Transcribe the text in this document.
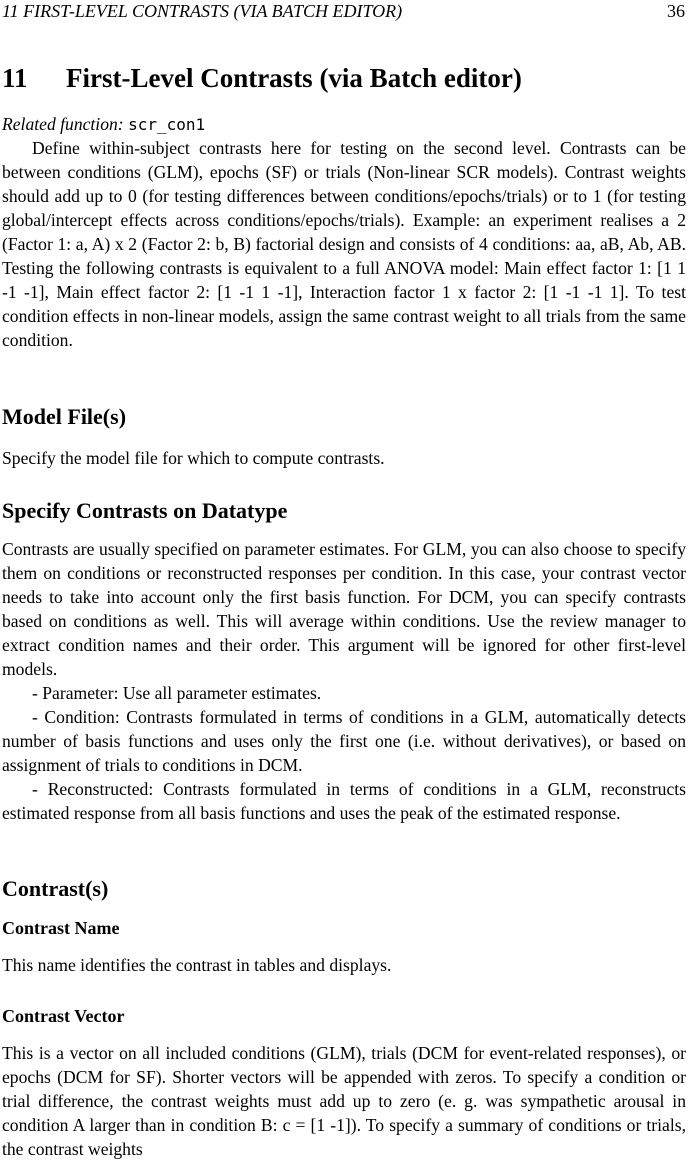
11 FIRST-LEVEL CONTRASTS (VIA BATCH EDITOR)	36
11 First-Level Contrasts (via Batch editor)
Related function: scr_con1

Define within-subject contrasts here for testing on the second level. Contrasts can be between conditions (GLM), epochs (SF) or trials (Non-linear SCR models). Contrast weights should add up to 0 (for testing differences between conditions/epochs/trials) or to 1 (for testing global/intercept effects across conditions/epochs/trials). Example: an experiment realises a 2 (Factor 1: a, A) x 2 (Factor 2: b, B) factorial design and consists of 4 conditions: aa, aB, Ab, AB. Testing the following contrasts is equivalent to a full ANOVA model: Main effect factor 1: [1 1 -1 -1], Main effect factor 2: [1 -1 1 -1], Interaction factor 1 x factor 2: [1 -1 -1 1]. To test condition effects in non-linear models, assign the same contrast weight to all trials from the same condition.

Model File(s)

Specify the model file for which to compute contrasts.

Specify Contrasts on Datatype

Contrasts are usually specified on parameter estimates. For GLM, you can also choose to specify them on conditions or reconstructed responses per condition. In this case, your contrast vector needs to take into account only the first basis function. For DCM, you can specify contrasts based on conditions as well. This will average within conditions. Use the review manager to extract condition names and their order. This argument will be ignored for other first-level models.

- Parameter: Use all parameter estimates.

- Condition: Contrasts formulated in terms of conditions in a GLM, automatically detects number of basis functions and uses only the first one (i.e. without derivatives), or based on assignment of trials to conditions in DCM.

- Reconstructed: Contrasts formulated in terms of conditions in a GLM, reconstructs estimated response from all basis functions and uses the peak of the estimated response.

Contrast(s)
Contrast Name

This name identifies the contrast in tables and displays.

Contrast Vector

This is a vector on all included conditions (GLM), trials (DCM for event-related responses), or epochs (DCM for SF). Shorter vectors will be appended with zeros. To specify a condition or trial difference, the contrast weights must add up to zero (e. g. was sympathetic arousal in condition A larger than in condition B: c = [1 -1]). To specify a summary of conditions or trials, the contrast weights
